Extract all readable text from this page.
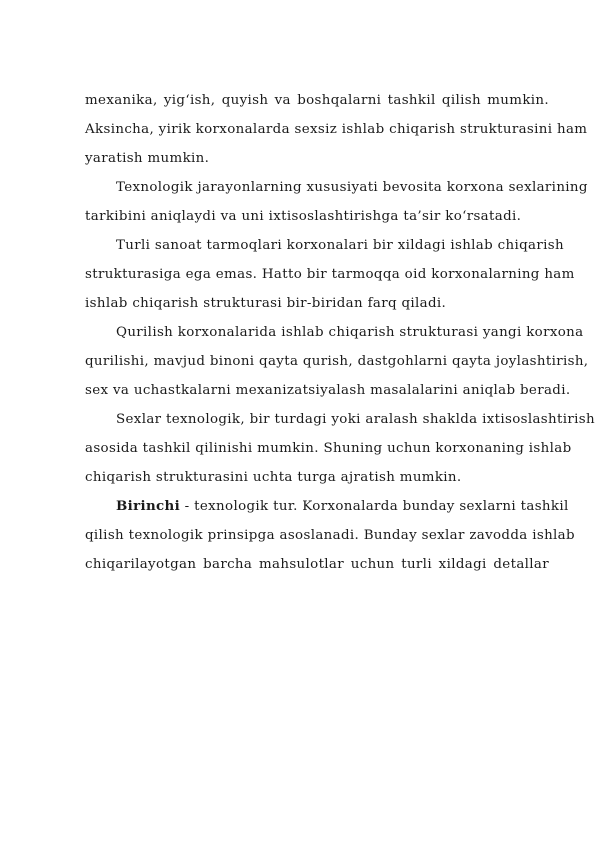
mexanika, yig‘ish, quyish va boshqalarni tashkil qilish mumkin.
Aksincha, yirik korxonalarda sexsiz ishlab chiqarish strukturasini ham
yaratish mumkin.
Texnologik jarayonlarning xususiyati bevosita korxona sexlarining
tarkibini aniqlaydi va uni ixtisoslashtirishga ta’sir ko‘rsatadi.
Turli sanoat tarmoqlari korxonalari bir xildagi ishlab chiqarish
strukturasiga ega emas. Hatto bir tarmoqqa oid korxonalarning ham
ishlab chiqarish strukturasi bir-biridan farq qiladi.
Qurilish korxonalarida ishlab chiqarish strukturasi yangi korxona
qurilishi, mavjud binoni qayta qurish, dastgohlarni qayta joylashtirish,
sex va uchastkalarni mexanizatsiyalash masalalarini aniqlab beradi.
Sexlar texnologik, bir turdagi yoki aralash shaklda ixtisoslashtirish
asosida tashkil qilinishi mumkin. Shuning uchun korxonaning ishlab
chiqarish strukturasini uchta turga ajratish mumkin.
Birinchi - texnologik tur. Korxonalarda bunday sexlarni tashkil
qilish texnologik prinsipga asoslanadi. Bunday sexlar zavodda ishlab
chiqarilayotgan barcha mahsulotlar uchun turli xildagi detallar
